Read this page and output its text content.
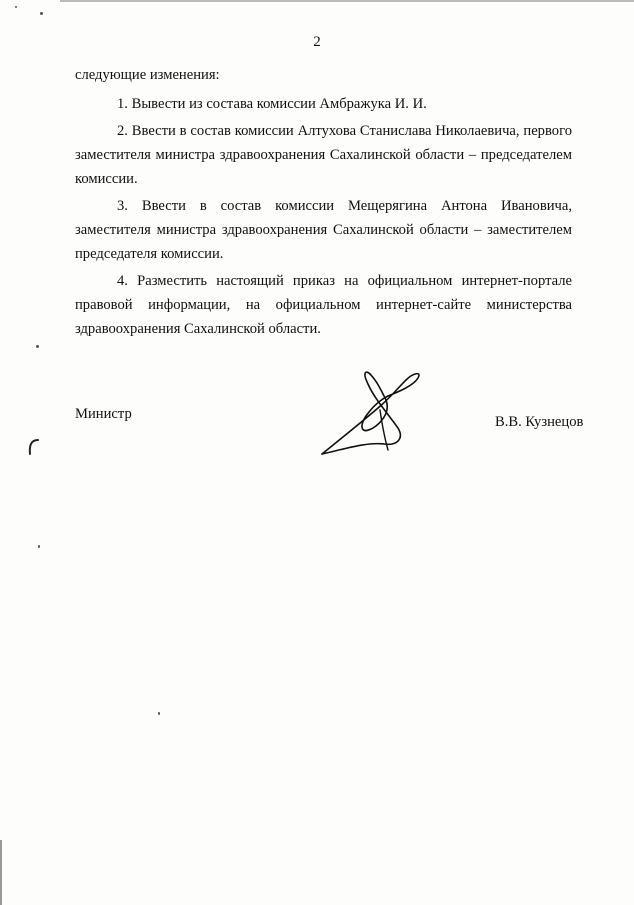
2

следующие изменения:

1. Вывести из состава комиссии Амбражука И. И.

2. Ввести в состав комиссии Алтухова Станислава Николаевича, первого заместителя министра здравоохранения Сахалинской области – председателем комиссии.

3. Ввести в состав комиссии Мещерягина Антона Ивановича, заместителя министра здравоохранения Сахалинской области – заместителем председателя комиссии.

4. Разместить настоящий приказ на официальном интернет-портале правовой информации, на официальном интернет-сайте министерства здравоохранения Сахалинской области.

Министр	В.В. Кузнецов
